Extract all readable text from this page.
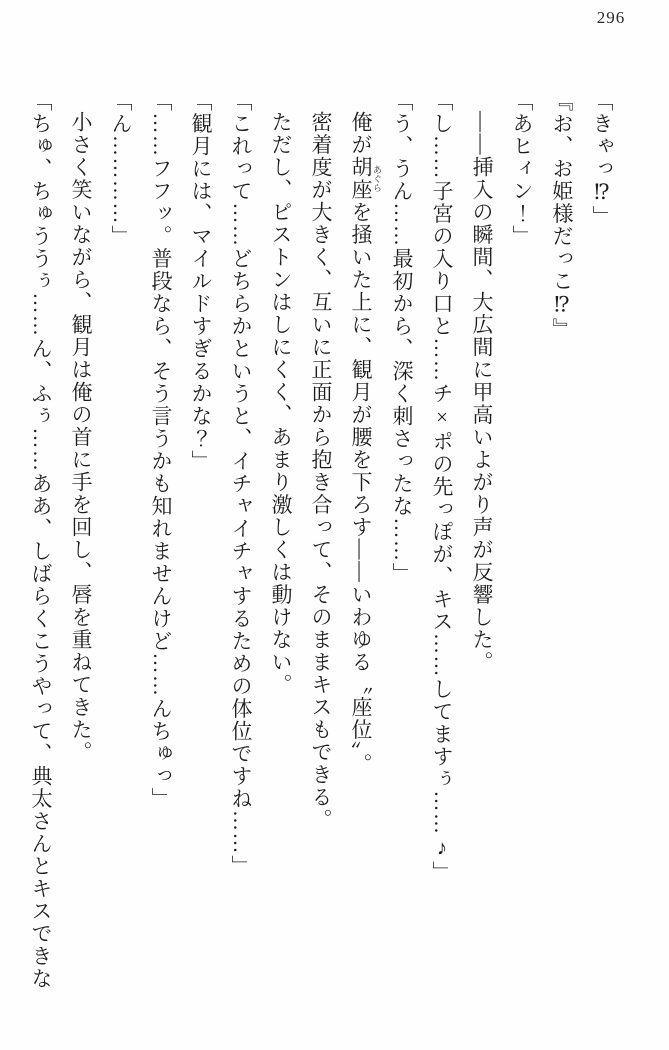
296

「きゃっ⁉」

『お、お姫様だっこ⁉』

「あヒィン！」

——挿入の瞬間、大広間に甲高いよがり声が反響した。

「し……子宮の入り口と……チ×ポの先っぽが、キス……してますぅ……♪」

「う、うん……最初から、深く刺さったな……」

俺が胡座 あぐらを掻いた上に、観月が腰を下ろす——いわゆる〝座位〞。

密着度が大きく、互いに正面から抱き合って、そのままキスもできる。

ただし、ピストンはしにくく、あまり激しくは動けない。

「これって……どちらかというと、イチャイチャするための体位ですね……」

「観月には、マイルドすぎるかな？」

「……フフッ。普段なら、そう言うかも知れませんけど……んちゅっ」

「ん…………」

小さく笑いながら、観月は俺の首に手を回し、唇を重ねてきた。

「ちゅ、ちゅううぅ……ん、ふぅ……ああ、しばらくこうやって、典太さんとキスできな
